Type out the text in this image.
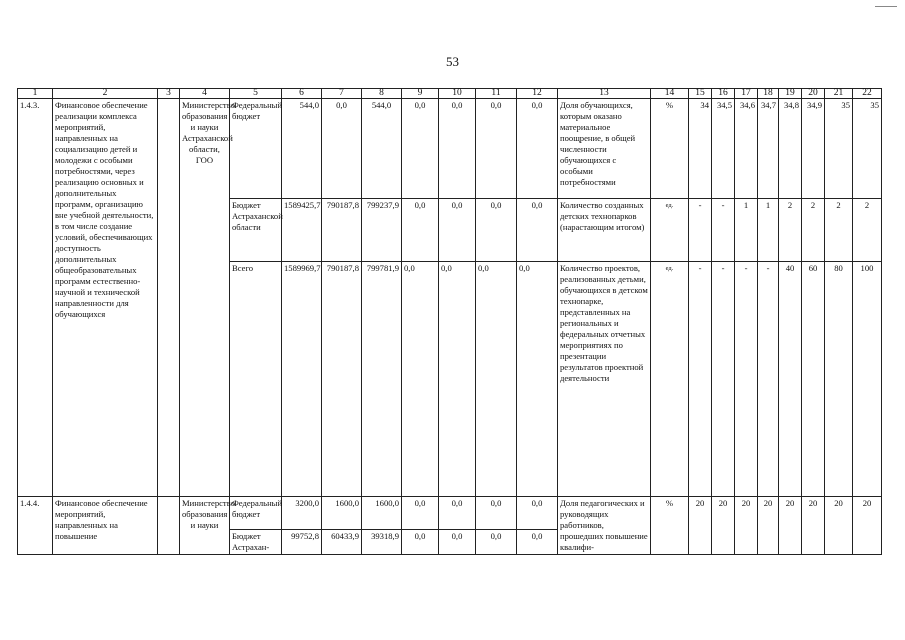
53
1	2	3	4	5	6	7	8	9	10	11	12	13	14	15	16	17	18	19	20	21	22
1.4.3.	Финансовое обеспечение реализации комплекса мероприятий, направленных на социализацию детей и молодежи с особыми потребностями, через реализацию основных и дополнительных программ, организацию вне учебной деятельности, в том числе создание условий, обеспечивающих доступность дополнительных общеобразовательных программ естественно-научной и технической направленности для обучающихся		Министерство образования и науки Астраханской области, ГОО	Федеральный бюджет	544,0	0,0	544,0	0,0	0,0	0,0	0,0	Доля обучающихся, которым оказано материальное поощрение, в общей численности обучающихся с особыми потребностями	%	34	34,5	34,6	34,7	34,8	34,9	35	35
				Бюджет Астраханской области	1589425,7	790187,8	799237,9	0,0	0,0	0,0	0,0	Количество созданных детских технопарков (нарастающим итогом)	ед.	-	-	1	1	2	2	2	2
				Всего	1589969,7	790187,8	799781,9	0,0	0,0	0,0	0,0	Количество проектов, реализованных детьми, обучающихся в детском технопарке, представленных на региональных и федеральных отчетных мероприятиях по презентации результатов проектной деятельности	ед.	-	-	-	-	40	60	80	100
1.4.4.	Финансовое обеспечение мероприятий, направленных на повышение		Министерство образования и науки	Федеральный бюджет	3200,0	1600,0	1600,0	0,0	0,0	0,0	0,0	Доля педагогических и руководящих работников, прошедших повышение квалифи-	%	20	20	20	20	20	20	20	20
				Бюджет Астрахан-	99752,8	60433,9	39318,9	0,0	0,0	0,0	0,0										
